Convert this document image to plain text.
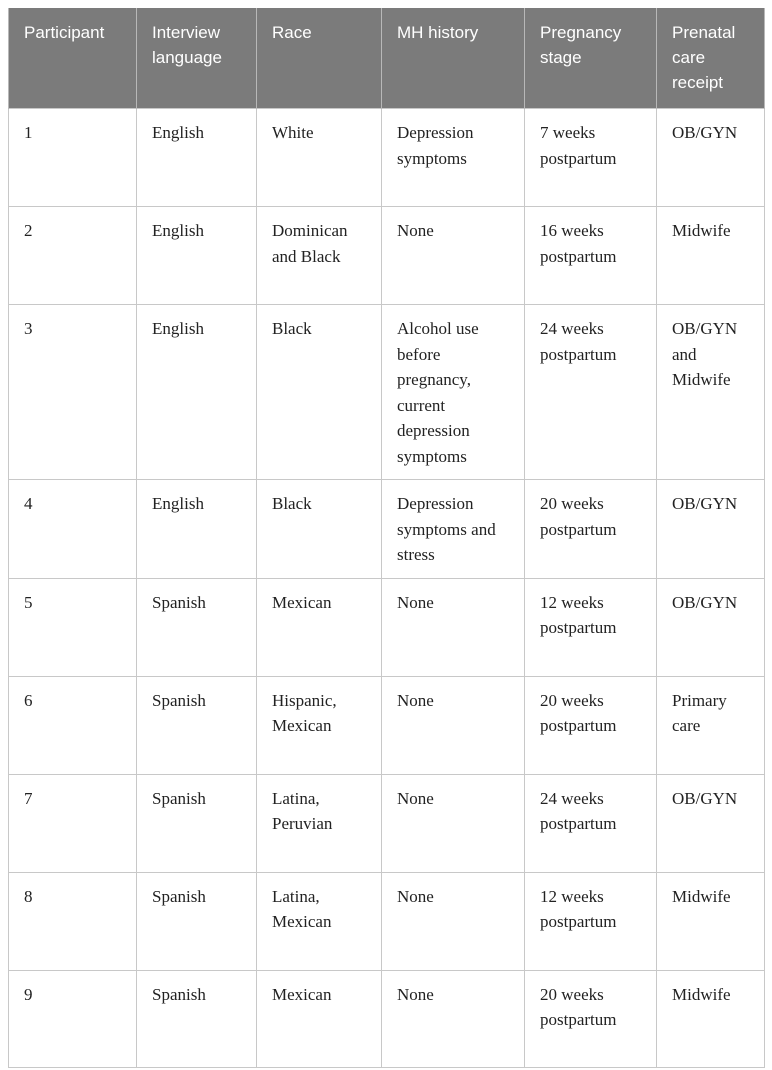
Participant	Interview language	Race	MH history	Pregnancy stage	Prenatal care receipt
1	English	White	Depression symptoms	7 weeks postpartum	OB/GYN
2	English	Dominican and Black	None	16 weeks postpartum	Midwife
3	English	Black	Alcohol use before pregnancy, current depression symptoms	24 weeks postpartum	OB/GYN and Midwife
4	English	Black	Depression symptoms and stress	20 weeks postpartum	OB/GYN
5	Spanish	Mexican	None	12 weeks postpartum	OB/GYN
6	Spanish	Hispanic, Mexican	None	20 weeks postpartum	Primary care
7	Spanish	Latina, Peruvian	None	24 weeks postpartum	OB/GYN
8	Spanish	Latina, Mexican	None	12 weeks postpartum	Midwife
9	Spanish	Mexican	None	20 weeks postpartum	Midwife
